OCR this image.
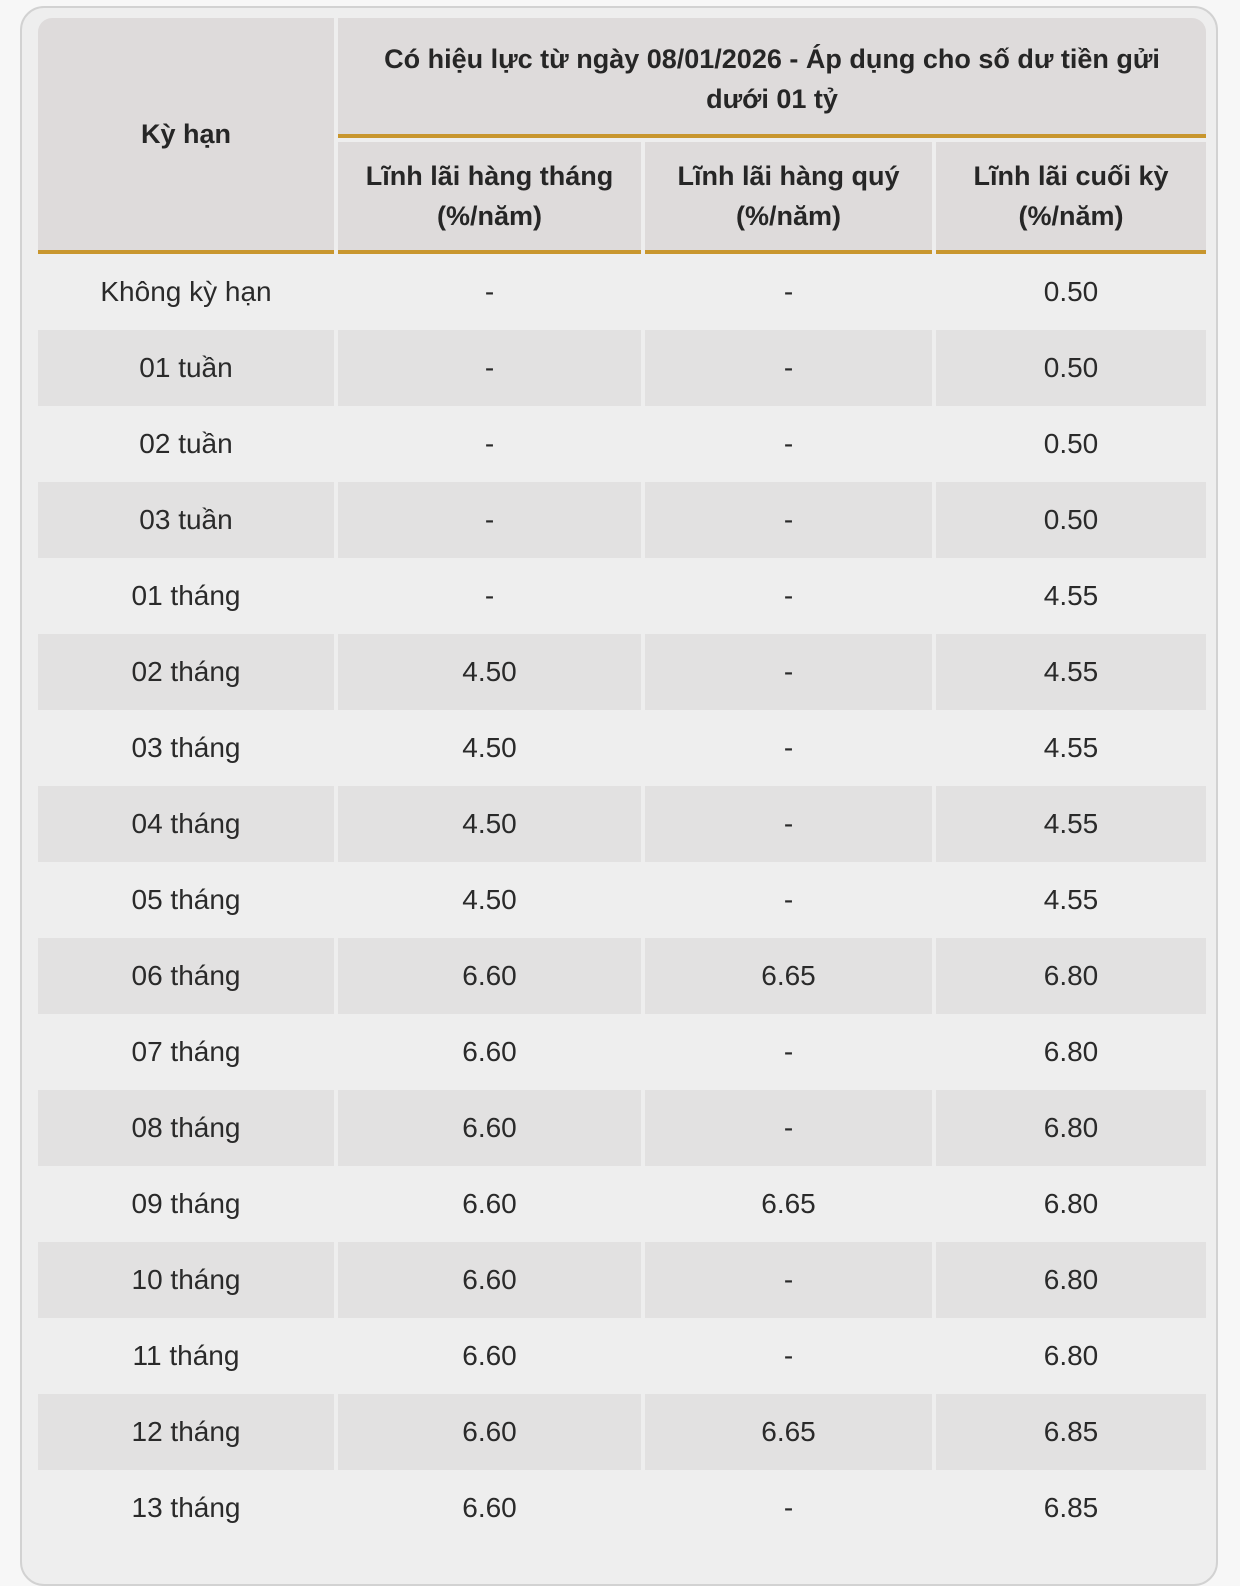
Kỳ hạn	Có hiệu lực từ ngày 08/01/2026 - Áp dụng cho số dư tiền gửi dưới 01 tỷ		
	Lĩnh lãi hàng tháng (%/năm)	Lĩnh lãi hàng quý (%/năm)	Lĩnh lãi cuối kỳ (%/năm)
Không kỳ hạn	-	-	0.50
01 tuần	-	-	0.50
02 tuần	-	-	0.50
03 tuần	-	-	0.50
01 tháng	-	-	4.55
02 tháng	4.50	-	4.55
03 tháng	4.50	-	4.55
04 tháng	4.50	-	4.55
05 tháng	4.50	-	4.55
06 tháng	6.60	6.65	6.80
07 tháng	6.60	-	6.80
08 tháng	6.60	-	6.80
09 tháng	6.60	6.65	6.80
10 tháng	6.60	-	6.80
11 tháng	6.60	-	6.80
12 tháng	6.60	6.65	6.85
13 tháng	6.60	-	6.85
